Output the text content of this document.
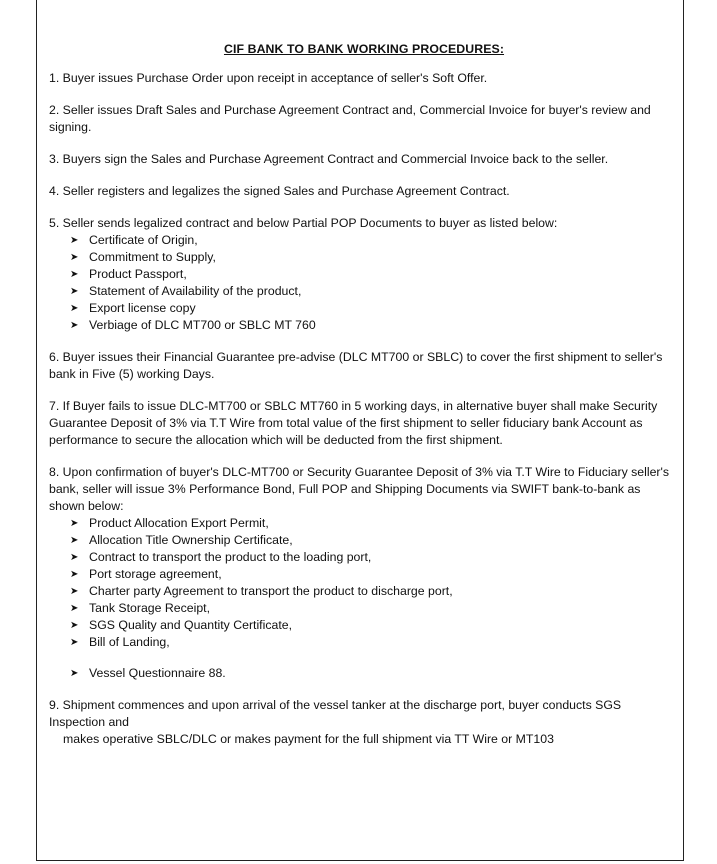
CIF BANK TO BANK WORKING PROCEDURES:

1. Buyer issues Purchase Order upon receipt in acceptance of seller's Soft Offer.

2. Seller issues Draft Sales and Purchase Agreement Contract and, Commercial Invoice for buyer's review and signing.

3. Buyers sign the Sales and Purchase Agreement Contract and Commercial Invoice back to the seller.

4. Seller registers and legalizes the signed Sales and Purchase Agreement Contract.

5. Seller sends legalized contract and below Partial POP Documents to buyer as listed below:

➤ Certificate of Origin,
➤ Commitment to Supply,
➤ Product Passport,
➤ Statement of Availability of the product,
➤ Export license copy
➤ Verbiage of DLC MT700 or SBLC MT 760

6. Buyer issues their Financial Guarantee pre-advise (DLC MT700 or SBLC) to cover the first shipment to seller's bank in Five (5) working Days.

7. If Buyer fails to issue DLC-MT700 or SBLC MT760 in 5 working days, in alternative buyer shall make Security Guarantee Deposit of 3% via T.T Wire from total value of the first shipment to seller fiduciary bank Account as performance to secure the allocation which will be deducted from the first shipment.

8. Upon confirmation of buyer's DLC-MT700 or Security Guarantee Deposit of 3% via T.T Wire to Fiduciary seller's bank, seller will issue 3% Performance Bond, Full POP and Shipping Documents via SWIFT bank-to-bank as shown below:

➤ Product Allocation Export Permit,
➤ Allocation Title Ownership Certificate,
➤ Contract to transport the product to the loading port,
➤ Port storage agreement,
➤ Charter party Agreement to transport the product to discharge port,
➤ Tank Storage Receipt,
➤ SGS Quality and Quantity Certificate,
➤ Bill of Landing,
➤ Vessel Questionnaire 88.

9. Shipment commences and upon arrival of the vessel tanker at the discharge port, buyer conducts SGS Inspection and

makes operative SBLC/DLC or makes payment for the full shipment via TT Wire or MT103
